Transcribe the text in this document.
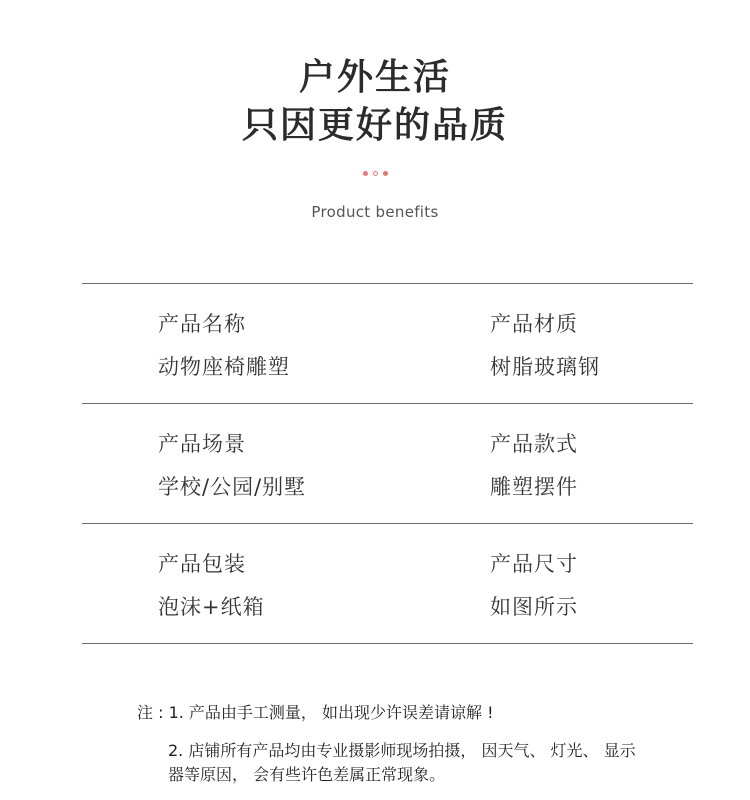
户外生活
只因更好的品质
Product benefits
产品名称
动物座椅雕塑
产品材质
树脂玻璃钢
产品场景
学校/公园/别墅
产品款式
雕塑摆件
产品包装
泡沫+纸箱
产品尺寸
如图所示
注 : 1. 产品由手工测量， 如出现少许误差请谅解 !
2. 店铺所有产品均由专业摄影师现场拍摄， 因天气、 灯光、 显示器等原因， 会有些许色差属正常现象。
